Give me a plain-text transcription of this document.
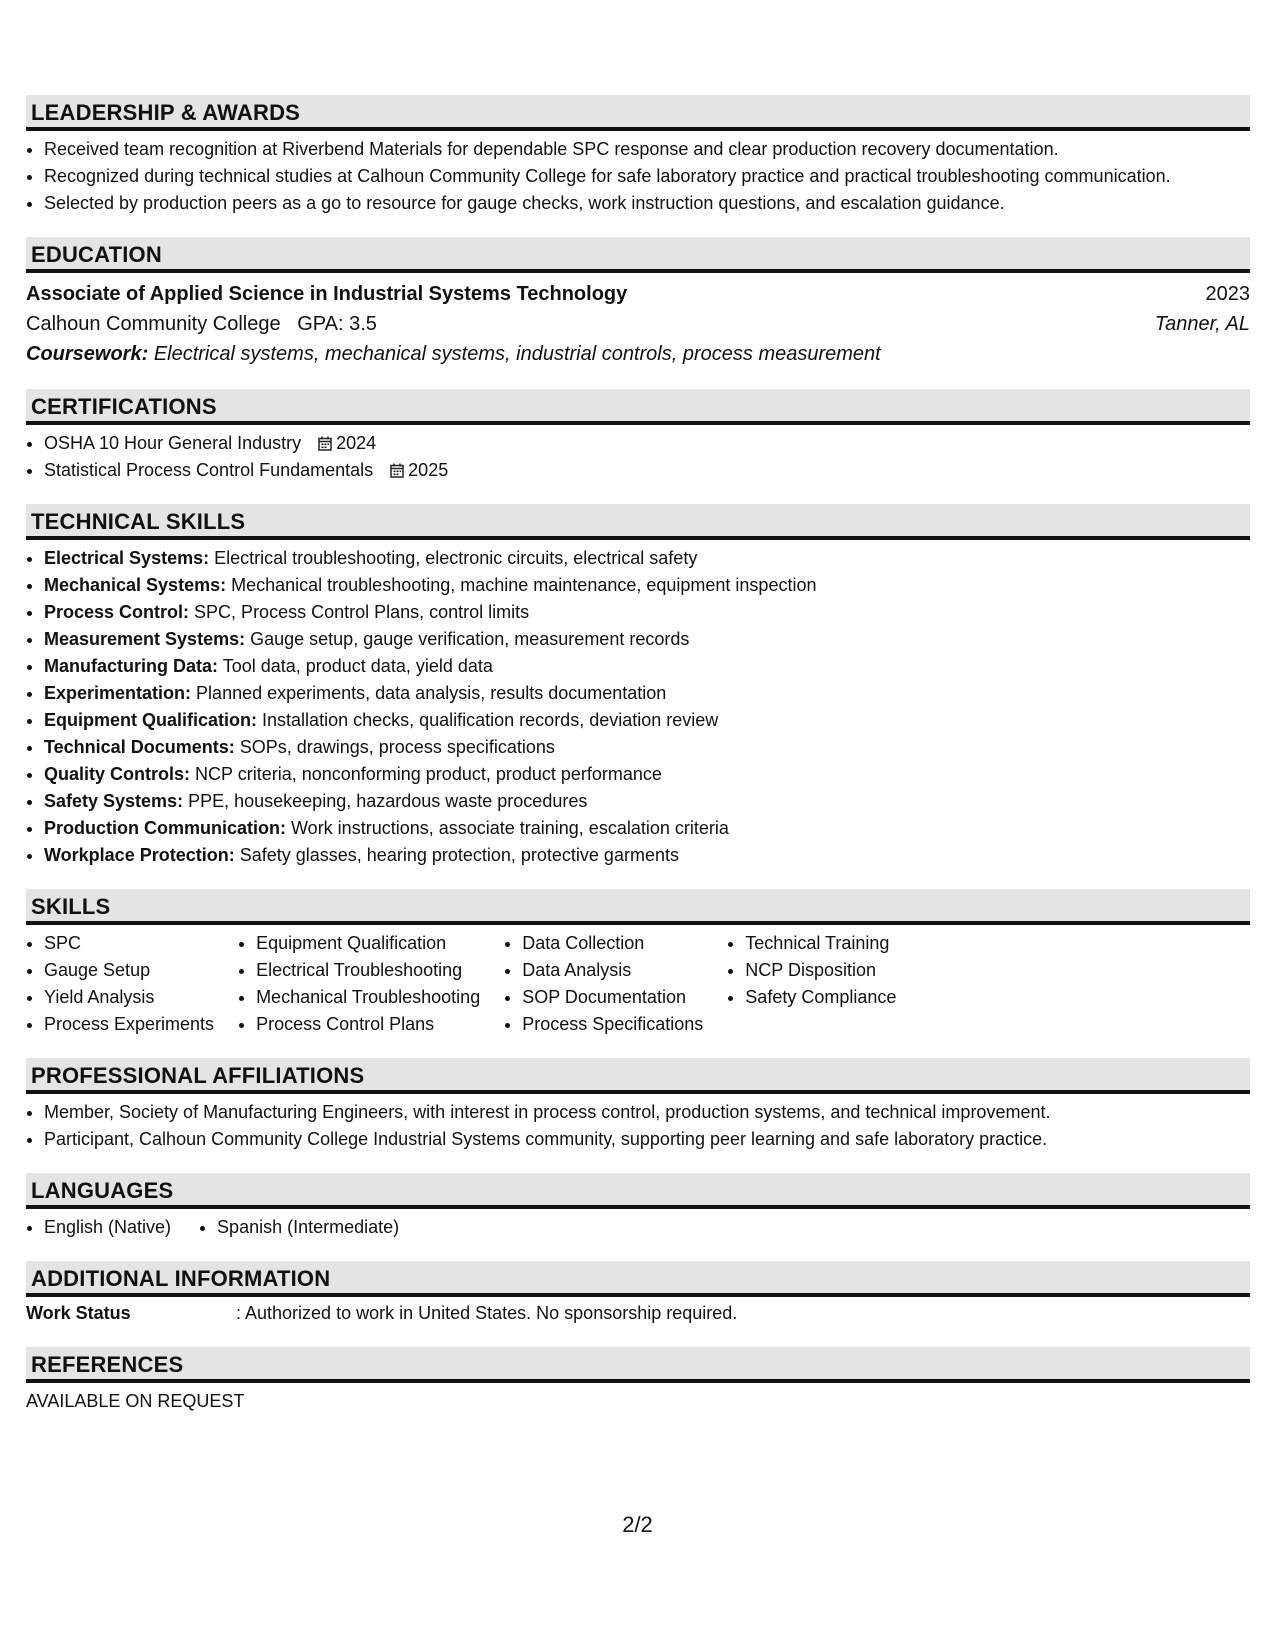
LEADERSHIP & AWARDS
• Received team recognition at Riverbend Materials for dependable SPC response and clear production recovery documentation.
• Recognized during technical studies at Calhoun Community College for safe laboratory practice and practical troubleshooting communication.
• Selected by production peers as a go to resource for gauge checks, work instruction questions, and escalation guidance.
EDUCATION
Associate of Applied Science in Industrial Systems Technology	2023
Calhoun Community College GPA: 3.5	Tanner, AL
Coursework: Electrical systems, mechanical systems, industrial controls, process measurement
CERTIFICATIONS
• OSHA 10 Hour General Industry 2024
• Statistical Process Control Fundamentals 2025
TECHNICAL SKILLS
• Electrical Systems: Electrical troubleshooting, electronic circuits, electrical safety
• Mechanical Systems: Mechanical troubleshooting, machine maintenance, equipment inspection
• Process Control: SPC, Process Control Plans, control limits
• Measurement Systems: Gauge setup, gauge verification, measurement records
• Manufacturing Data: Tool data, product data, yield data
• Experimentation: Planned experiments, data analysis, results documentation
• Equipment Qualification: Installation checks, qualification records, deviation review
• Technical Documents: SOPs, drawings, process specifications
• Quality Controls: NCP criteria, nonconforming product, product performance
• Safety Systems: PPE, housekeeping, hazardous waste procedures
• Production Communication: Work instructions, associate training, escalation criteria
• Workplace Protection: Safety glasses, hearing protection, protective garments
SKILLS
• SPC
• Gauge Setup
• Yield Analysis
• Process Experiments
• Equipment Qualification
• Electrical Troubleshooting
• Mechanical Troubleshooting
• Process Control Plans
• Data Collection
• Data Analysis
• SOP Documentation
• Process Specifications
• Technical Training
• NCP Disposition
• Safety Compliance
PROFESSIONAL AFFILIATIONS
• Member, Society of Manufacturing Engineers, with interest in process control, production systems, and technical improvement.
• Participant, Calhoun Community College Industrial Systems community, supporting peer learning and safe laboratory practice.
LANGUAGES
• English (Native)
•	Spanish (Intermediate)
ADDITIONAL INFORMATION
Work Status	: Authorized to work in United States. No sponsorship required.
REFERENCES
AVAILABLE ON REQUEST
2/2
